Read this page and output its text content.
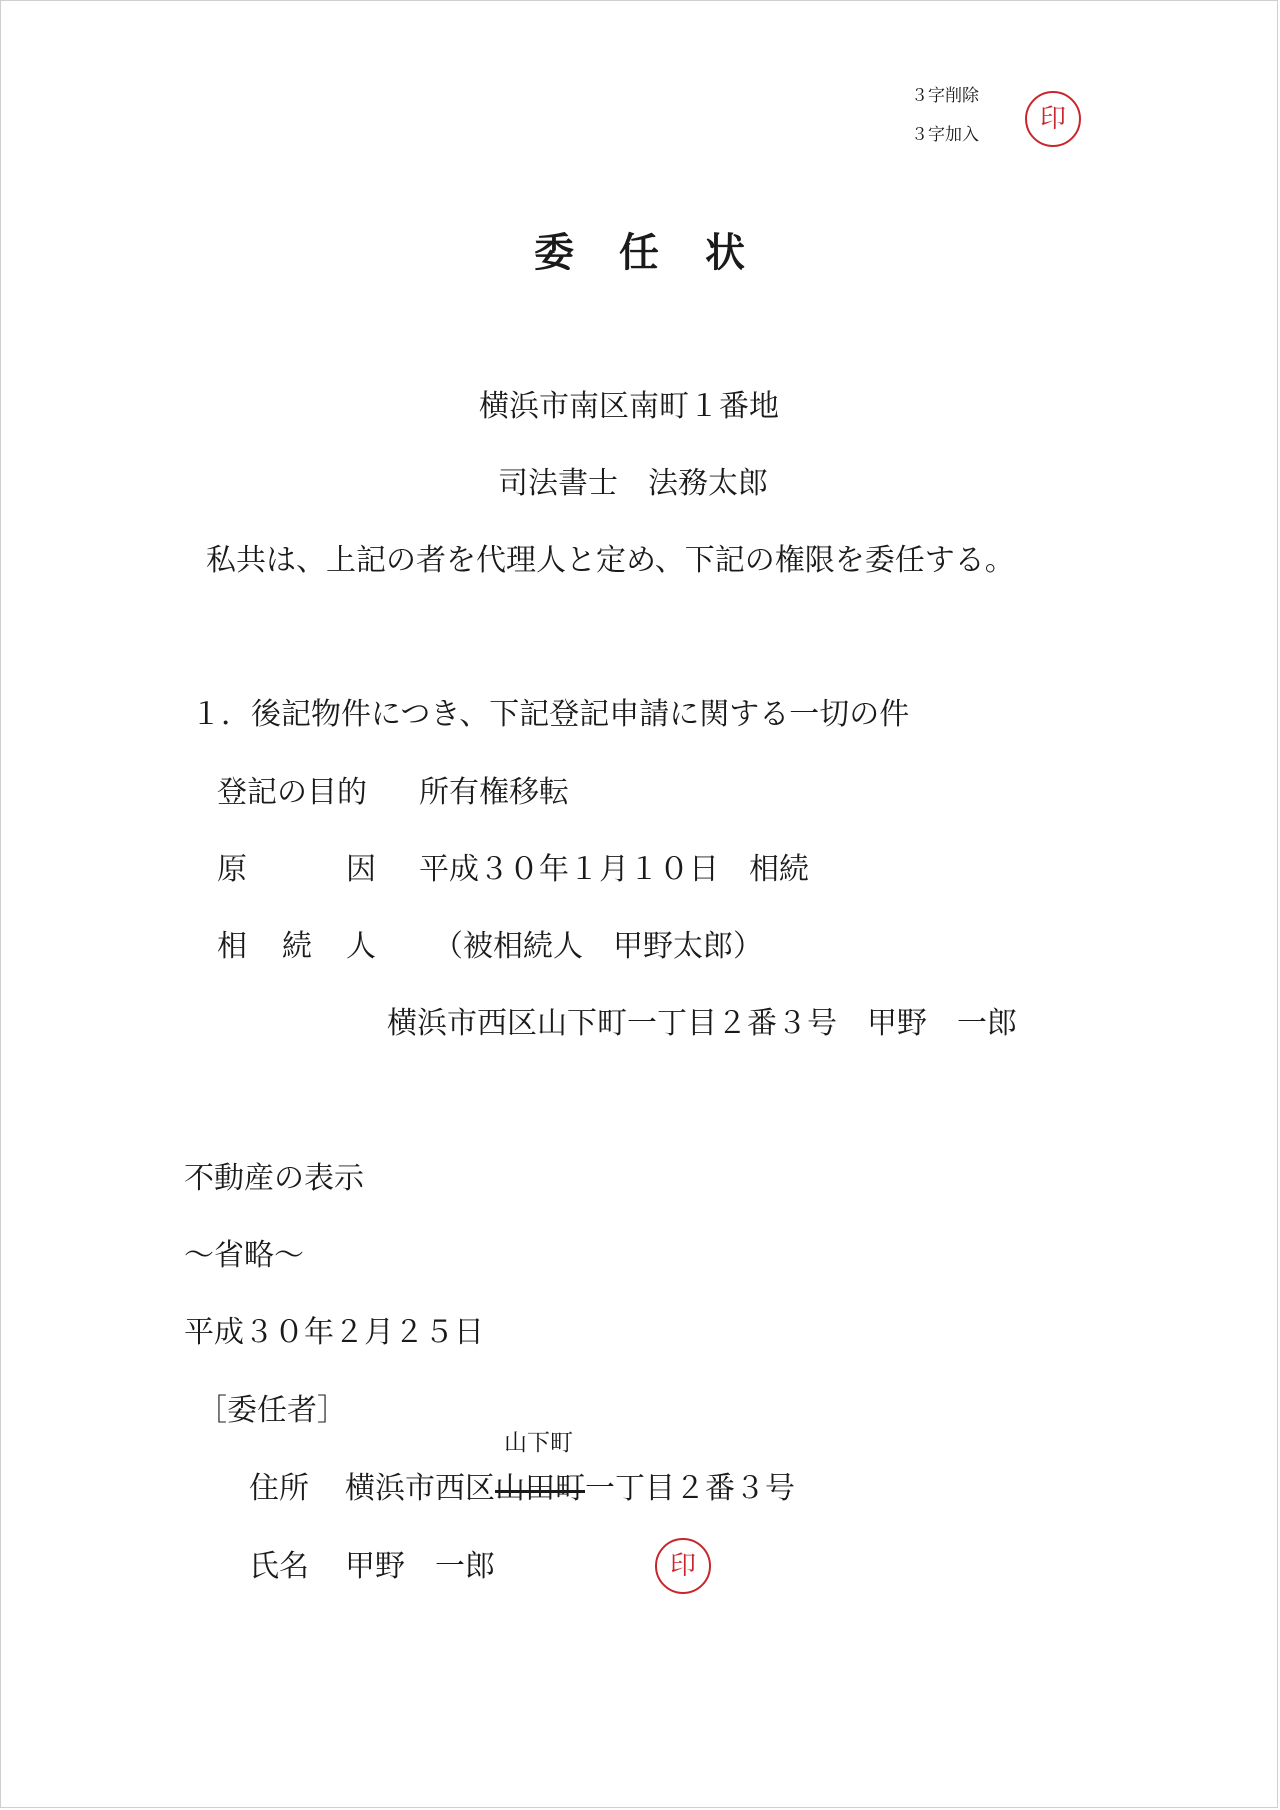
３字削除
３字加入
印
委 任 状
横浜市南区南町１番地
司法書士　法務太郎
私共は、上記の者を代理人と定め、下記の権限を委任する。
１．後記物件につき、下記登記申請に関する一切の件
登記の目的 所有権移転
原	因 平成３０年１月１０日　相続
相 続 人 （被相続人　甲野太郎）
横浜市西区山下町一丁目２番３号　甲野　一郎
不動産の表示
～省略～
平成３０年２月２５日
［委任者］
山下町
住所 横浜市西区山田町一丁目２番３号
氏名 甲野　一郎	印
